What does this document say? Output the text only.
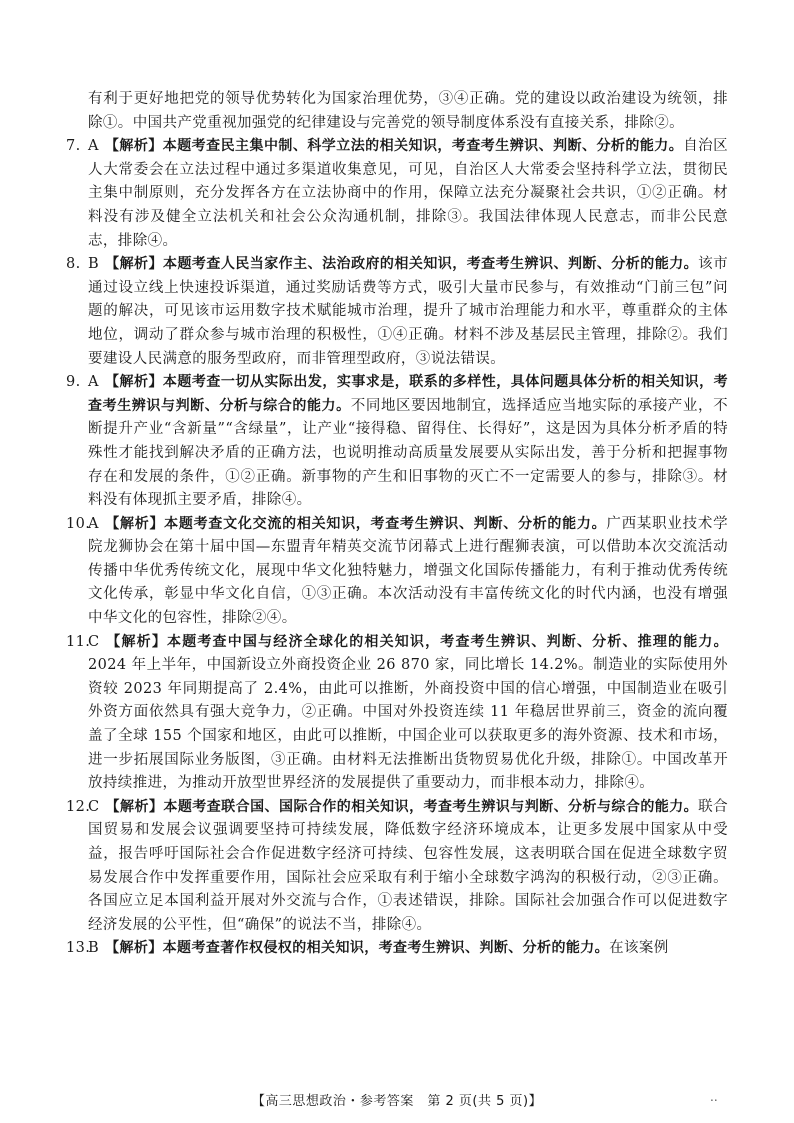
有利于更好地把党的领导优势转化为国家治理优势，③④正确。党的建设以政治建设为统领，排除①。中国共产党重视加强党的纪律建设与完善党的领导制度体系没有直接关系，排除②。

7. A 【解析】本题考查民主集中制、科学立法的相关知识，考查考生辨识、判断、分析的能力。自治区人大常委会在立法过程中通过多渠道收集意见，可见，自治区人大常委会坚持科学立法，贯彻民主集中制原则，充分发挥各方在立法协商中的作用，保障立法充分凝聚社会共识，①②正确。材料没有涉及健全立法机关和社会公众沟通机制，排除③。我国法律体现人民意志，而非公民意志，排除④。

8. B 【解析】本题考查人民当家作主、法治政府的相关知识，考查考生辨识、判断、分析的能力。该市通过设立线上快速投诉渠道，通过奖励话费等方式，吸引大量市民参与，有效推动“门前三包”问题的解决，可见该市运用数字技术赋能城市治理，提升了城市治理能力和水平，尊重群众的主体地位，调动了群众参与城市治理的积极性，①④正确。材料不涉及基层民主管理，排除②。我们要建设人民满意的服务型政府，而非管理型政府，③说法错误。

9. A 【解析】本题考查一切从实际出发，实事求是，联系的多样性，具体问题具体分析的相关知识，考查考生辨识与判断、分析与综合的能力。不同地区要因地制宜，选择适应当地实际的承接产业，不断提升产业“含新量”“含绿量”，让产业“接得稳、留得住、长得好”，这是因为具体分析矛盾的特殊性才能找到解决矛盾的正确方法，也说明推动高质量发展要从实际出发，善于分析和把握事物存在和发展的条件，①②正确。新事物的产生和旧事物的灭亡不一定需要人的参与，排除③。材料没有体现抓主要矛盾，排除④。

10.
A 【解析】本题考查文化交流的相关知识，考查考生辨识、判断、分析的能力。广西某职业技术学院龙狮协会在第十届中国—东盟青年精英交流节闭幕式上进行醒狮表演，可以借助本次交流活动传播中华优秀传统文化，展现中华文化独特魅力，增强文化国际传播能力，有利于推动优秀传统文化传承，彰显中华文化自信，①③正确。本次活动没有丰富传统文化的时代内涵，也没有增强中华文化的包容性，排除②④。

11.
C 【解析】本题考查中国与经济全球化的相关知识，考查考生辨识、判断、分析、推理的能力。2024 年上半年，中国新设立外商投资企业 26 870 家，同比增长 14.2%。制造业的实际使用外资较 2023 年同期提高了 2.4%，由此可以推断，外商投资中国的信心增强，中国制造业在吸引外资方面依然具有强大竞争力，②正确。中国对外投资连续 11 年稳居世界前三，资金的流向覆盖了全球 155 个国家和地区，由此可以推断，中国企业可以获取更多的海外资源、技术和市场，进一步拓展国际业务版图，③正确。由材料无法推断出货物贸易优化升级，排除①。中国改革开放持续推进，为推动开放型世界经济的发展提供了重要动力，而非根本动力，排除④。

12.
C 【解析】本题考查联合国、国际合作的相关知识，考查考生辨识与判断、分析与综合的能力。联合国贸易和发展会议强调要坚持可持续发展，降低数字经济环境成本，让更多发展中国家从中受益，报告呼吁国际社会合作促进数字经济可持续、包容性发展，这表明联合国在促进全球数字贸易发展合作中发挥重要作用，国际社会应采取有利于缩小全球数字鸿沟的积极行动，②③正确。各国应立足本国利益开展对外交流与合作，①表述错误，排除。国际社会加强合作可以促进数字经济发展的公平性，但“确保”的说法不当，排除④。

13.
B 【解析】本题考查著作权侵权的相关知识，考查考生辨识、判断、分析的能力。在该案例

【高三思想政治・参考答案　第 2 页(共 5 页)】	..
